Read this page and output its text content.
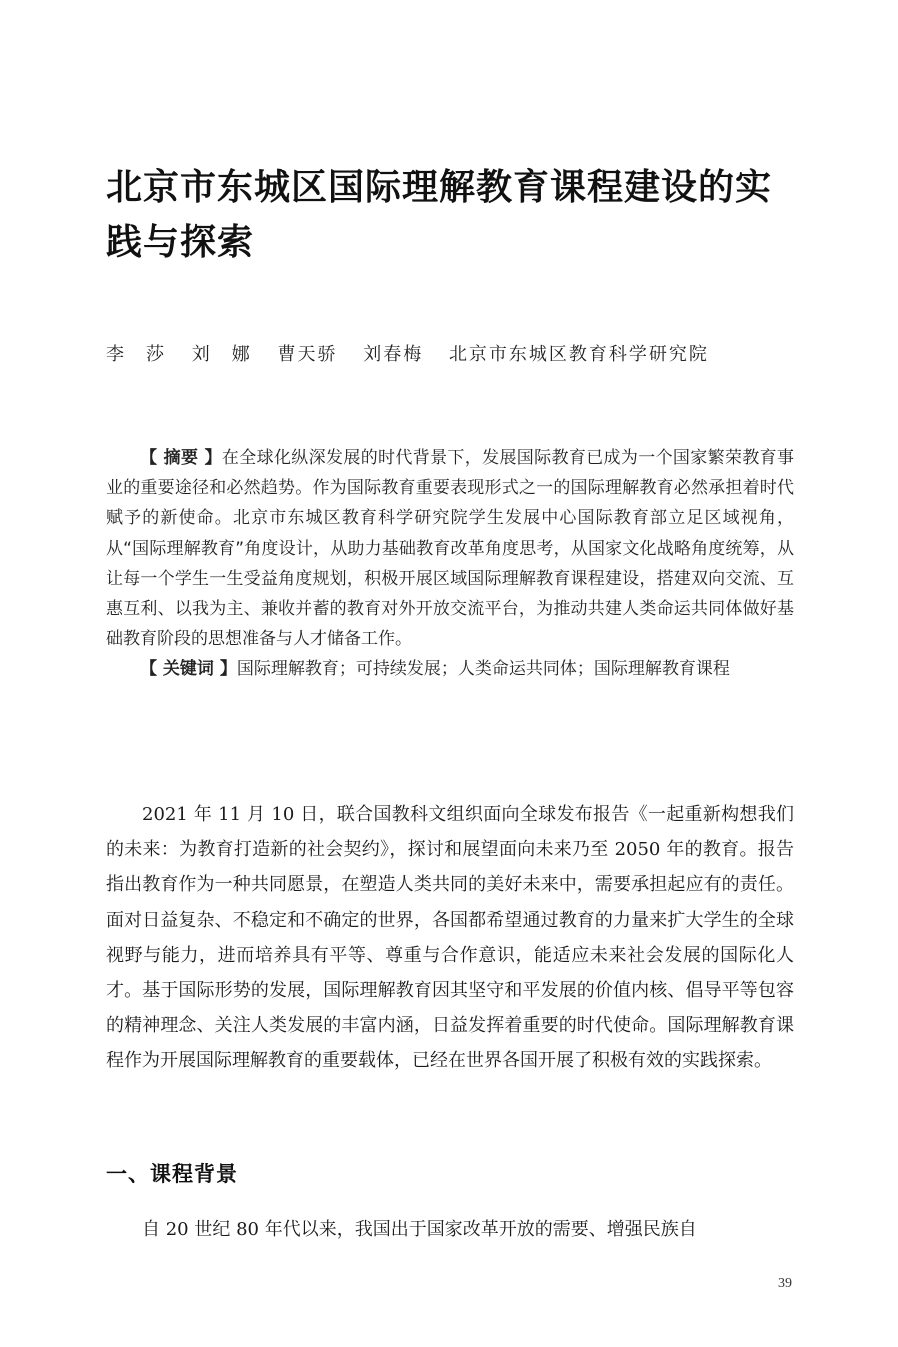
北京市东城区国际理解教育课程建设的实践与探索
李　莎 刘　娜 曹天骄 刘春梅 北京市东城区教育科学研究院

【 摘要 】在全球化纵深发展的时代背景下，发展国际教育已成为一个国家繁荣教育事业的重要途径和必然趋势。作为国际教育重要表现形式之一的国际理解教育必然承担着时代赋予的新使命。北京市东城区教育科学研究院学生发展中心国际教育部立足区域视角，从“国际理解教育”角度设计，从助力基础教育改革角度思考，从国家文化战略角度统筹，从让每一个学生一生受益角度规划，积极开展区域国际理解教育课程建设，搭建双向交流、互惠互利、以我为主、兼收并蓄的教育对外开放交流平台，为推动共建人类命运共同体做好基础教育阶段的思想准备与人才储备工作。

【 关键词 】国际理解教育；可持续发展；人类命运共同体；国际理解教育课程

2021 年 11 月 10 日，联合国教科文组织面向全球发布报告《一起重新构想我们的未来：为教育打造新的社会契约》，探讨和展望面向未来乃至 2050 年的教育。报告指出教育作为一种共同愿景，在塑造人类共同的美好未来中，需要承担起应有的责任。面对日益复杂、不稳定和不确定的世界，各国都希望通过教育的力量来扩大学生的全球视野与能力，进而培养具有平等、尊重与合作意识，能适应未来社会发展的国际化人才。基于国际形势的发展，国际理解教育因其坚守和平发展的价值内核、倡导平等包容的精神理念、关注人类发展的丰富内涵，日益发挥着重要的时代使命。国际理解教育课程作为开展国际理解教育的重要载体，已经在世界各国开展了积极有效的实践探索。

一、课程背景

自 20 世纪 80 年代以来，我国出于国家改革开放的需要、增强民族自

39
